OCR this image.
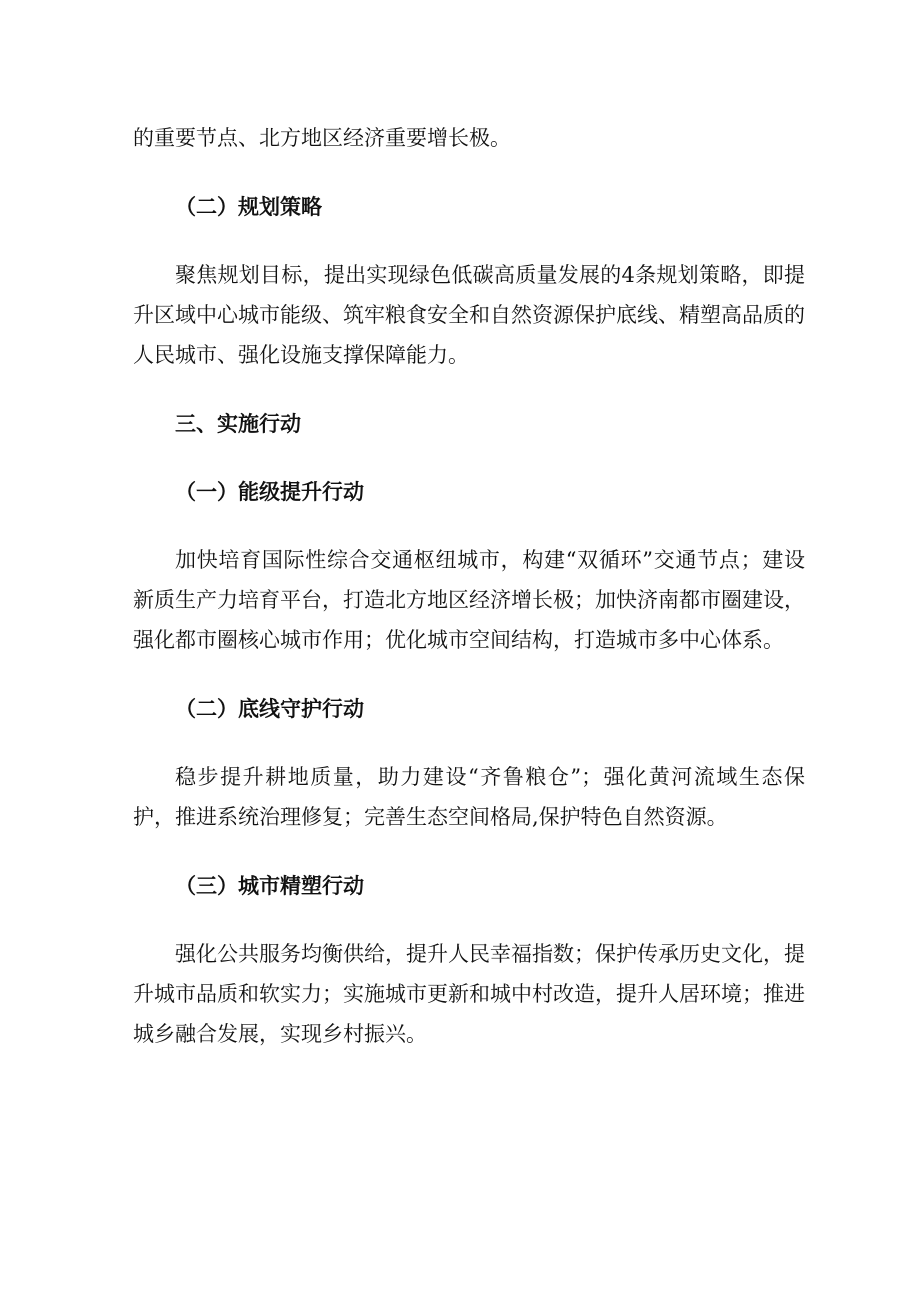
的重要节点、北方地区经济重要增长极。

（二）规划策略

聚焦规划目标，提出实现绿色低碳高质量发展的4条规划策略，即提升区域中心城市能级、筑牢粮食安全和自然资源保护底线、精塑高品质的人民城市、强化设施支撑保障能力。

三、实施行动

（一）能级提升行动

加快培育国际性综合交通枢纽城市，构建“双循环”交通节点；建设新质生产力培育平台，打造北方地区经济增长极；加快济南都市圈建设，强化都市圈核心城市作用；优化城市空间结构，打造城市多中心体系。

（二）底线守护行动

稳步提升耕地质量，助力建设“齐鲁粮仓”；强化黄河流域生态保护，推进系统治理修复；完善生态空间格局,保护特色自然资源。

（三）城市精塑行动

强化公共服务均衡供给，提升人民幸福指数；保护传承历史文化，提升城市品质和软实力；实施城市更新和城中村改造，提升人居环境；推进城乡融合发展，实现乡村振兴。
